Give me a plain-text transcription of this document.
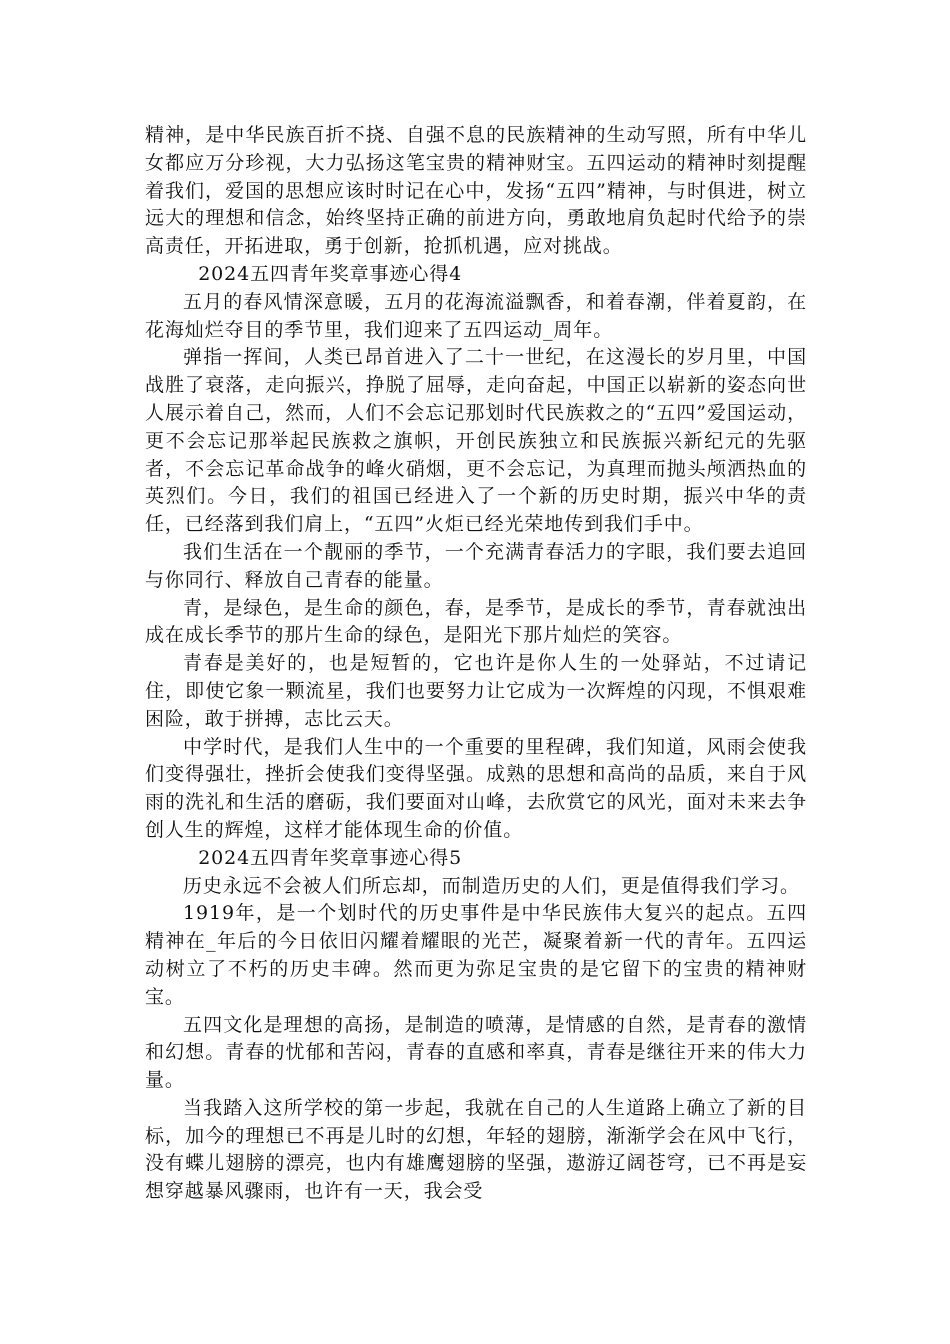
精神，是中华民族百折不挠、自强不息的民族精神的生动写照，所有中华儿女都应万分珍视，大力弘扬这笔宝贵的精神财宝。五四运动的精神时刻提醒着我们，爱国的思想应该时时记在心中，发扬“五四”精神，与时俱进，树立远大的理想和信念，始终坚持正确的前进方向，勇敢地肩负起时代给予的崇高责任，开拓进取，勇于创新，抢抓机遇，应对挑战。

2024五四青年奖章事迹心得4

五月的春风情深意暖，五月的花海流溢飘香，和着春潮，伴着夏韵，在花海灿烂夺目的季节里，我们迎来了五四运动_周年。

弹指一挥间，人类已昂首进入了二十一世纪，在这漫长的岁月里，中国战胜了衰落，走向振兴，挣脱了屈辱，走向奋起，中国正以崭新的姿态向世人展示着自己，然而，人们不会忘记那划时代民族救之的“五四”爱国运动，更不会忘记那举起民族救之旗帜，开创民族独立和民族振兴新纪元的先驱者，不会忘记革命战争的峰火硝烟，更不会忘记，为真理而抛头颅洒热血的英烈们。今日，我们的祖国已经进入了一个新的历史时期，振兴中华的责任，已经落到我们肩上，“五四”火炬已经光荣地传到我们手中。

我们生活在一个靓丽的季节，一个充满青春活力的字眼，我们要去追回与你同行、释放自己青春的能量。

青，是绿色，是生命的颜色，春，是季节，是成长的季节，青春就浊出成在成长季节的那片生命的绿色，是阳光下那片灿烂的笑容。

青春是美好的，也是短暂的，它也许是你人生的一处驿站，不过请记住，即使它象一颗流星，我们也要努力让它成为一次辉煌的闪现，不惧艰难困险，敢于拼搏，志比云天。

中学时代，是我们人生中的一个重要的里程碑，我们知道，风雨会使我们变得强壮，挫折会使我们变得坚强。成熟的思想和高尚的品质，来自于风雨的洗礼和生活的磨砺，我们要面对山峰，去欣赏它的风光，面对未来去争创人生的辉煌，这样才能体现生命的价值。

2024五四青年奖章事迹心得5

历史永远不会被人们所忘却，而制造历史的人们，更是值得我们学习。

1919年，是一个划时代的历史事件是中华民族伟大复兴的起点。五四精神在_年后的今日依旧闪耀着耀眼的光芒，凝聚着新一代的青年。五四运动树立了不朽的历史丰碑。然而更为弥足宝贵的是它留下的宝贵的精神财宝。

五四文化是理想的高扬，是制造的喷薄，是情感的自然，是青春的激情和幻想。青春的忧郁和苦闷，青春的直感和率真，青春是继往开来的伟大力量。

当我踏入这所学校的第一步起，我就在自己的人生道路上确立了新的目标，加今的理想已不再是儿时的幻想，年轻的翅膀，渐渐学会在风中飞行，没有蝶儿翅膀的漂亮，也内有雄鹰翅膀的坚强，遨游辽阔苍穹，已不再是妄想穿越暴风骤雨，也许有一天，我会受
